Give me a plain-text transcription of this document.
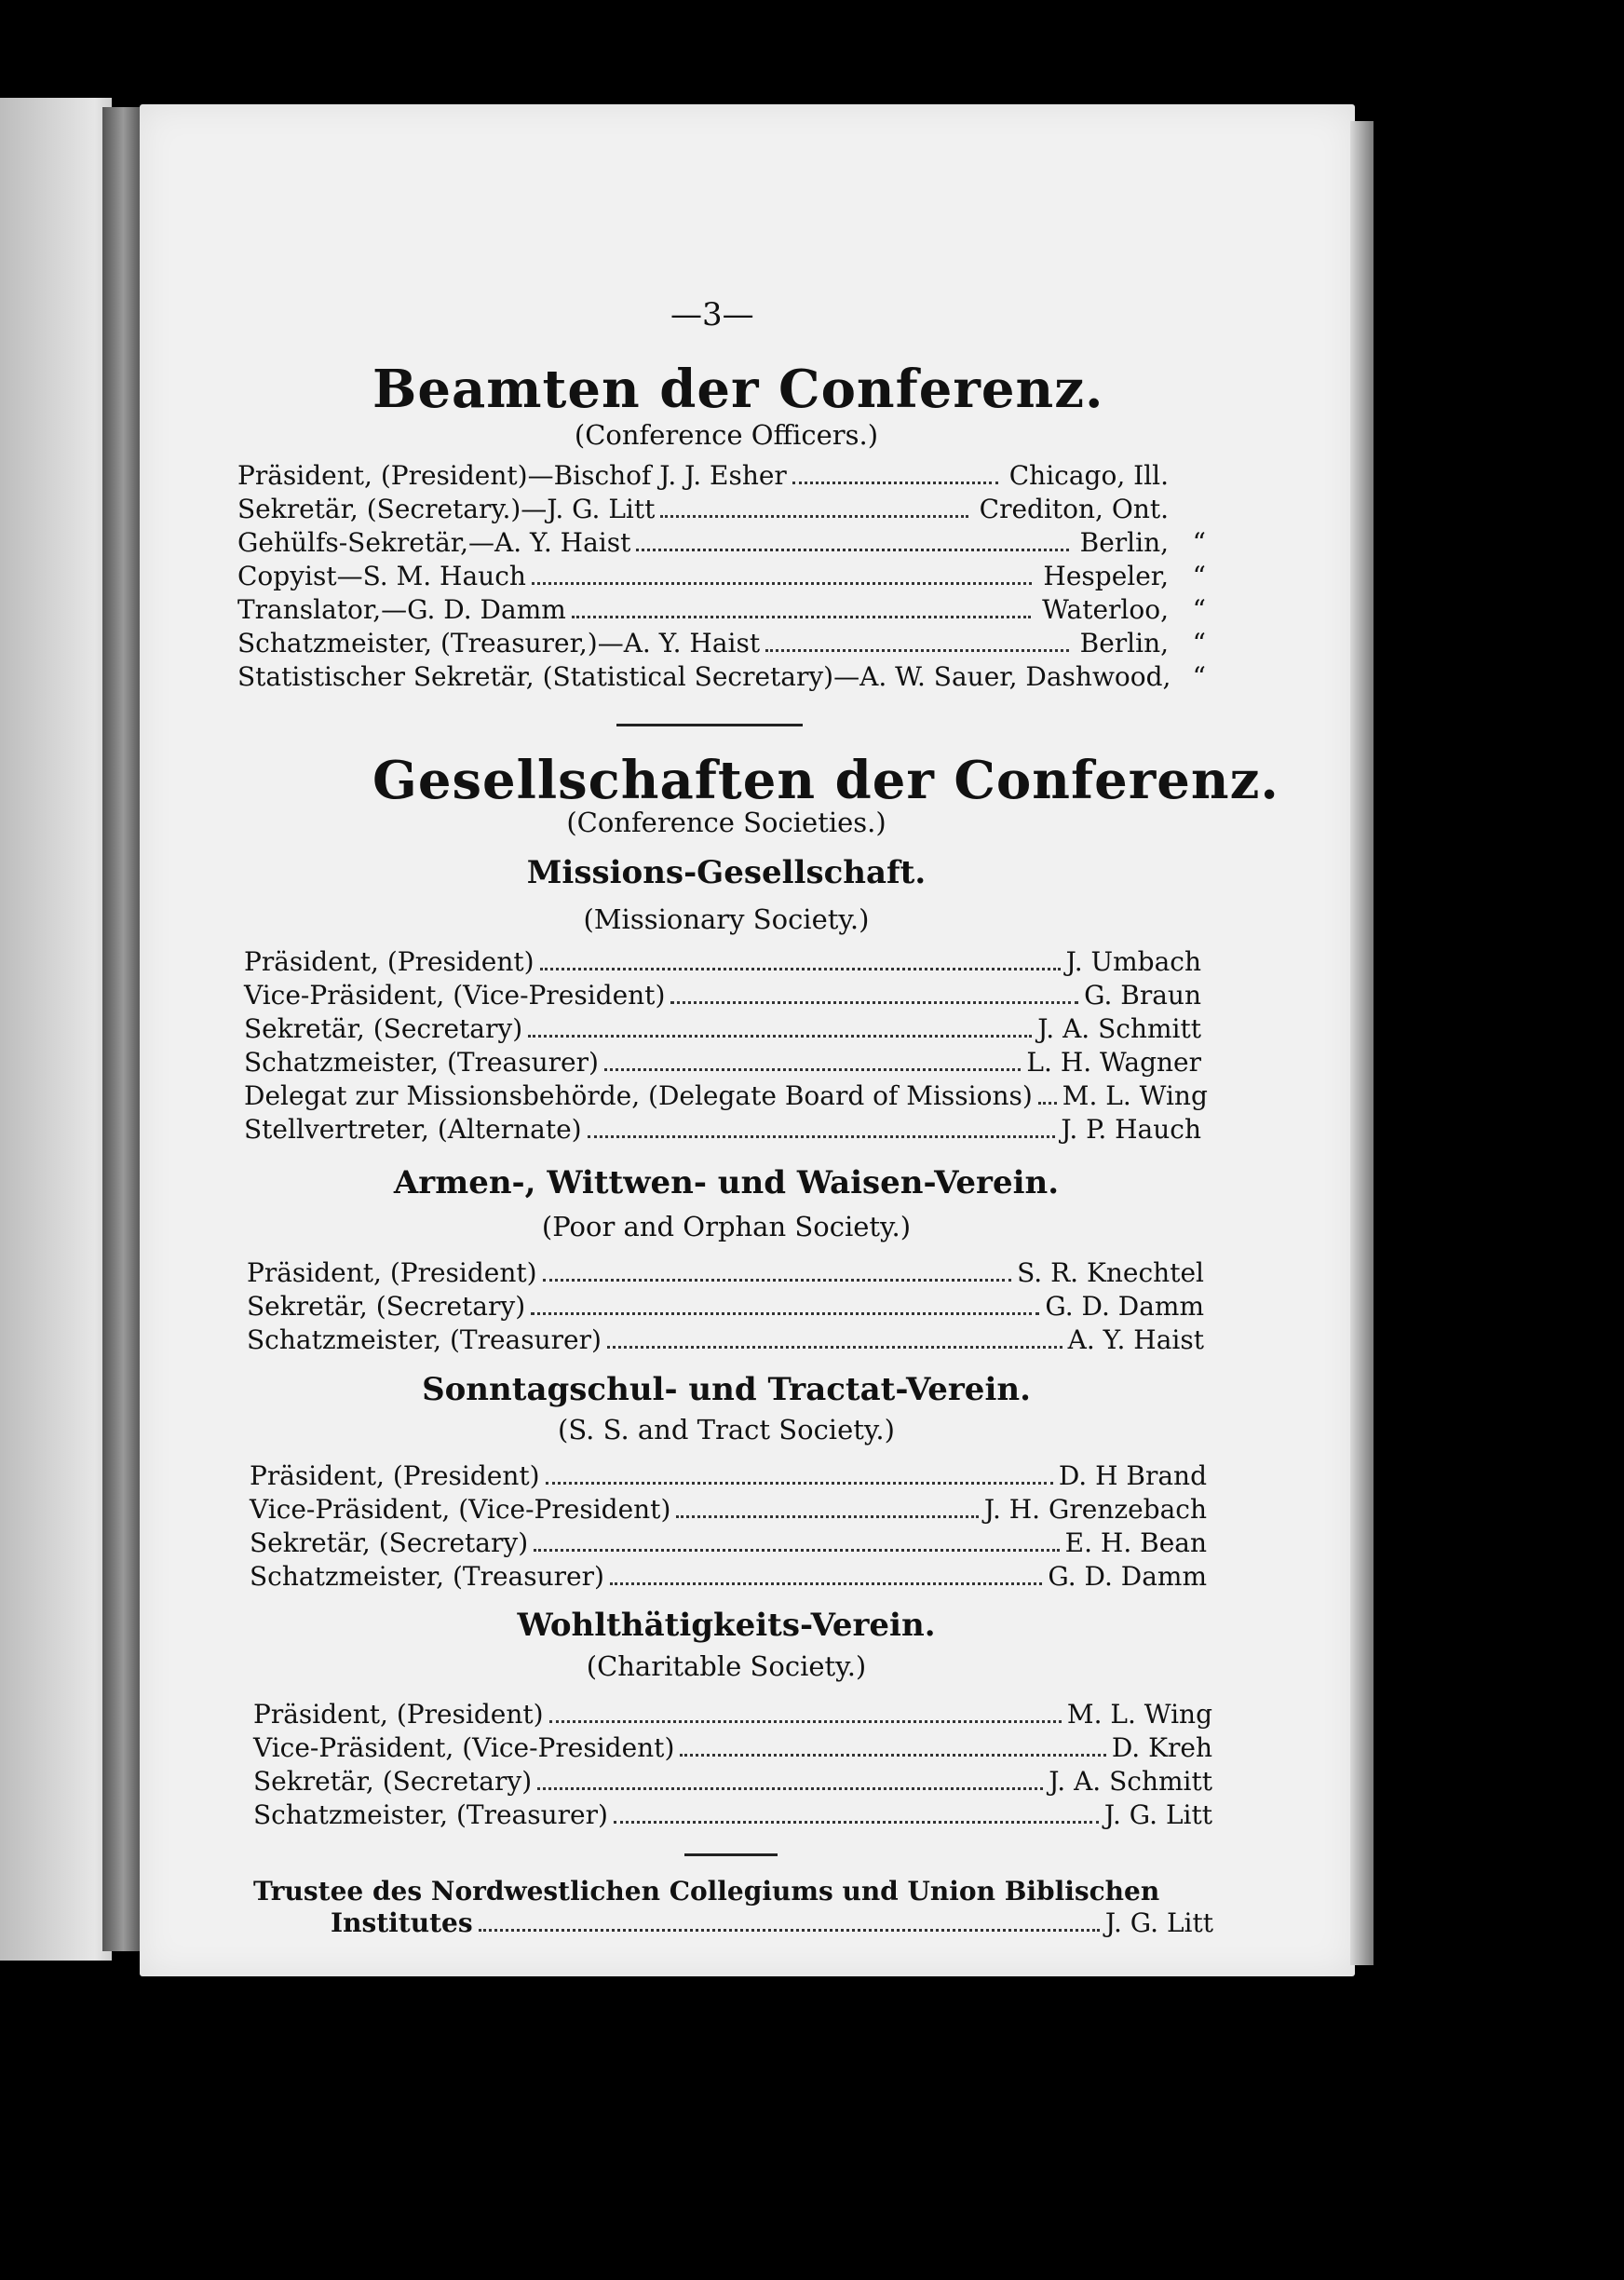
—3—
Beamten der Conferenz.
(Conference Officers.)
Präsident, (President)—Bischof J. J. Esher	Chicago, Ill.
Sekretär, (Secretary.)—J. G. Litt	Crediton, Ont.
Gehülfs-Sekretär,—A. Y. Haist	Berlin, “
Copyist—S. M. Hauch	Hespeler, “
Translator,—G. D. Damm	Waterloo, “
Schatzmeister, (Treasurer,)—A. Y. Haist	Berlin, “
Statistischer Sekretär, (Statistical Secretary)—A. W. Sauer, Dashwood, “
Gesellschaften der Conferenz.
(Conference Societies.)
Missions-Gesellschaft.
(Missionary Society.)
Präsident, (President)	J. Umbach
Vice-Präsident, (Vice-President)	G. Braun
Sekretär, (Secretary)	J. A. Schmitt
Schatzmeister, (Treasurer)	L. H. Wagner
Delegat zur Missionsbehörde, (Delegate Board of Missions) M. L. Wing
Stellvertreter, (Alternate)	J. P. Hauch
Armen-, Wittwen- und Waisen-Verein.
(Poor and Orphan Society.)
Präsident, (President)	S. R. Knechtel
Sekretär, (Secretary)	G. D. Damm
Schatzmeister, (Treasurer)	A. Y. Haist
Sonntagschul- und Tractat-Verein.
(S. S. and Tract Society.)
Präsident, (President)	D. H Brand
Vice-Präsident, (Vice-President)	J. H. Grenzebach
Sekretär, (Secretary)	E. H. Bean
Schatzmeister, (Treasurer)	G. D. Damm
Wohlthätigkeits-Verein.
(Charitable Society.)
Präsident, (President)	M. L. Wing
Vice-Präsident, (Vice-President)	D. Kreh
Sekretär, (Secretary)	J. A. Schmitt
Schatzmeister, (Treasurer)	J. G. Litt
Trustee des Nordwestlichen Collegiums und Union Biblischen
Institutes	J. G. Litt
